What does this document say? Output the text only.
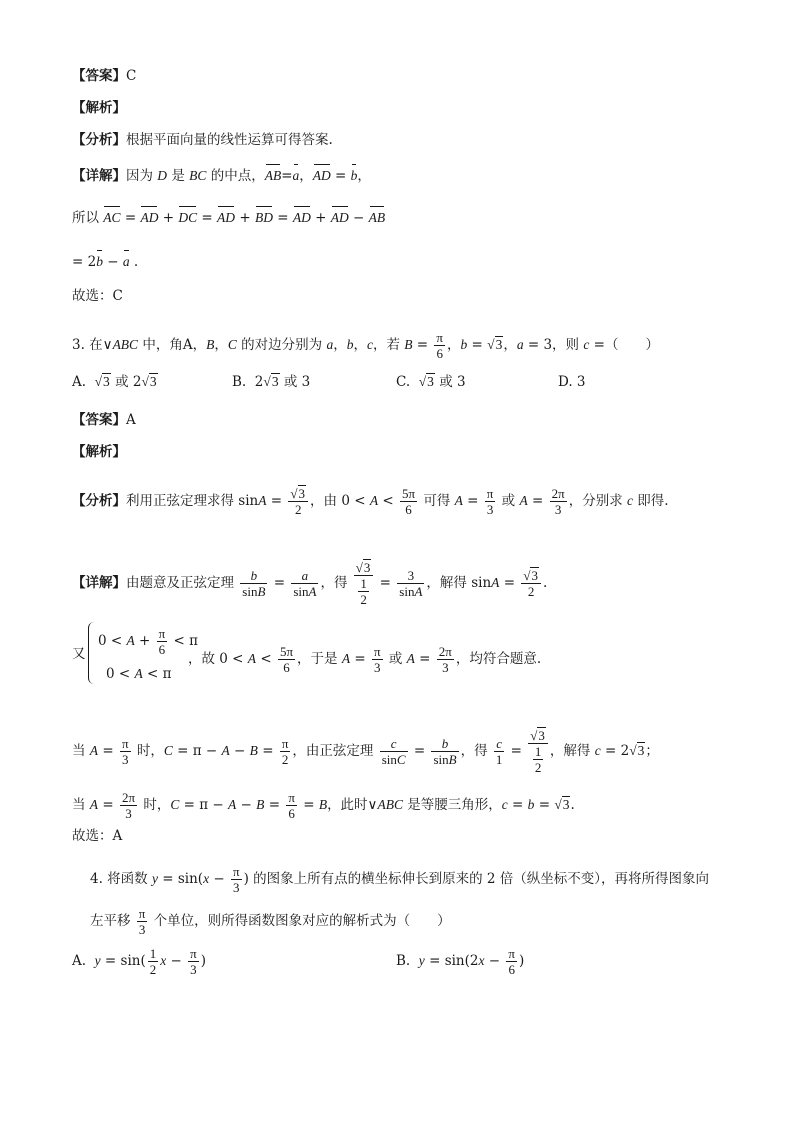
【答案】C
【解析】
【分析】根据平面向量的线性运算可得答案.
【详解】因为 D 是 BC 的中点，AB=a，AD = b，
所以 AC = AD + DC = AD + BD = AD + AD − AB
= 2b − a .
故选：C
3. 在∨ABC 中，角A，B，C 的对边分别为 a，b，c，若 $B = \frac{\pi}{6}$ ，b = √3，a = 3，则 c =（　　）
A.  √3 或 2√3	B.  2√3 或 3	C.  √3 或 3	D. 3
【答案】A
【解析】
【分析】利用正弦定理求得 $\sin A = \frac{√3}{2}$ ，由 $0 < A < \frac{5\pi}{6}$ 可得 $A = \frac{\pi}{3}$ 或 $A = \frac{2\pi}{3}$ ，分别求 c 即得.
【详解】由题意及正弦定理 $\frac{b}{\sin B} = \frac{a}{\sin A}$ ，得 $\frac{√3}{\frac{1}{2}} = \frac{3}{\sin A}$ ，解得 $\sin A = \frac{√3}{2}$ .
又
$0 < A + \frac{\pi}{6} < \pi$
0 < A < π
，故 $0 < A < \frac{5\pi}{6}$ ，于是 $A = \frac{\pi}{3}$ 或 $A = \frac{2\pi}{3}$ ，均符合题意.
当 $A = \frac{\pi}{3}$ 时，$C = \pi - A - B = \frac{\pi}{2}$ ，由正弦定理 $\frac{c}{\sin C} = \frac{b}{\sin B}$ ，得 $\frac{c}{1} = \frac{√3}{\frac{1}{2}}$ ，解得 c = 2√3；
当 $A = \frac{2\pi}{3}$ 时，$C = \pi - A - B = \frac{\pi}{6} = B$，此时∨ABC 是等腰三角形，c = b = √3.
故选：A
4. 将函数 $y = \sin(x - \frac{\pi}{3}$ ) 的图象上所有点的横坐标伸长到原来的 2 倍（纵坐标不变），再将所得图象向
左平移 $\frac{\pi}{3}$ 个单位，则所得函数图象对应的解析式为（　　）
A.  $y = \sin( \frac{1}{2}$ $x - \frac{\pi}{3}$ )	B.  $y = \sin(2x - \frac{\pi}{6}$ )
